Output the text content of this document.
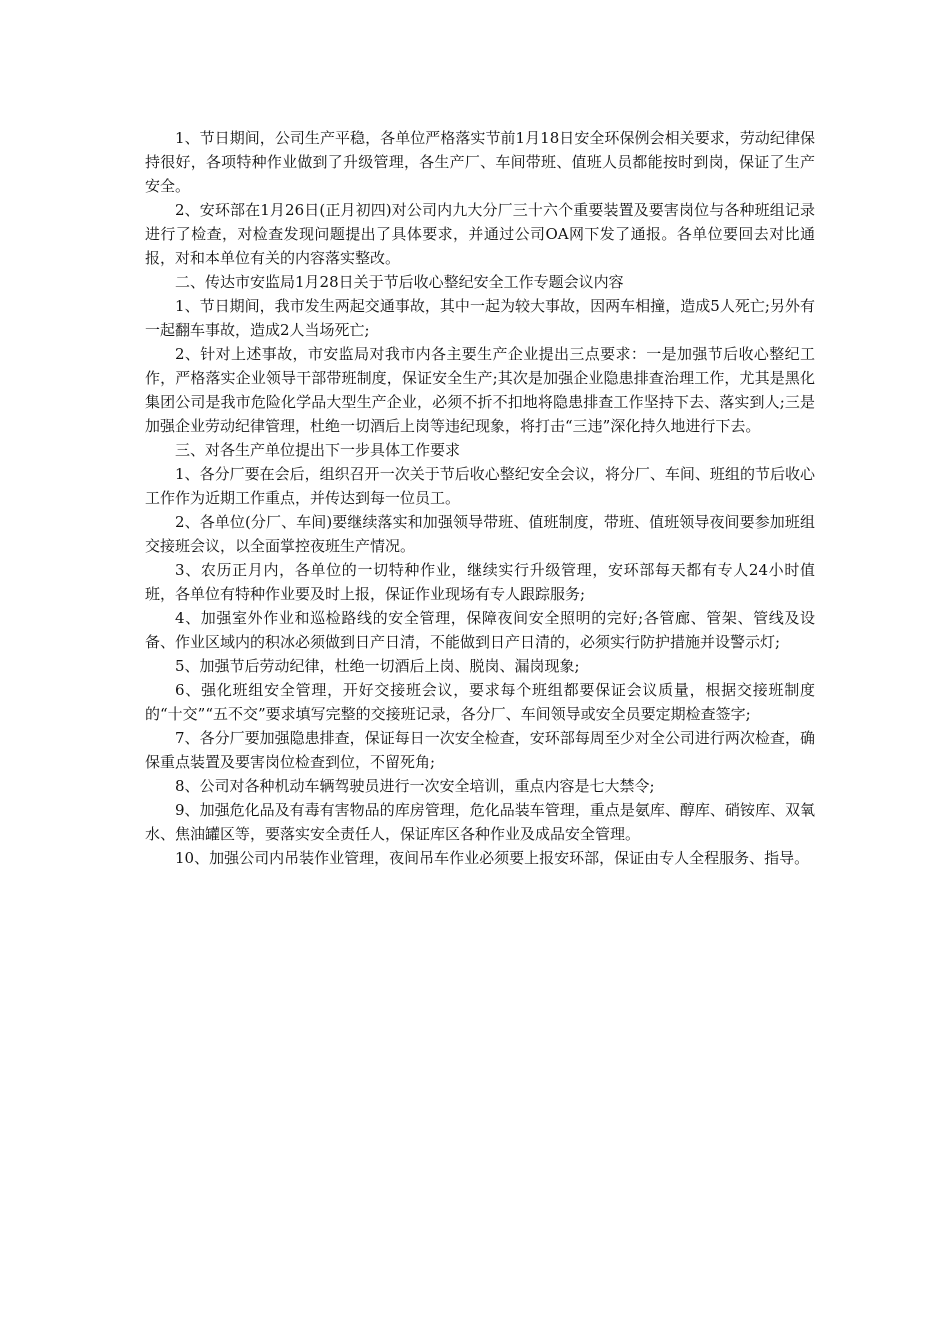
1、节日期间，公司生产平稳，各单位严格落实节前1月18日安全环保例会相关要求，劳动纪律保持很好，各项特种作业做到了升级管理，各生产厂、车间带班、值班人员都能按时到岗，保证了生产安全。

2、安环部在1月26日(正月初四)对公司内九大分厂三十六个重要装置及要害岗位与各种班组记录进行了检查，对检查发现问题提出了具体要求，并通过公司OA网下发了通报。各单位要回去对比通报，对和本单位有关的内容落实整改。

二、传达市安监局1月28日关于节后收心整纪安全工作专题会议内容

1、节日期间，我市发生两起交通事故，其中一起为较大事故，因两车相撞，造成5人死亡;另外有一起翻车事故，造成2人当场死亡;

2、针对上述事故，市安监局对我市内各主要生产企业提出三点要求：一是加强节后收心整纪工作，严格落实企业领导干部带班制度，保证安全生产;其次是加强企业隐患排查治理工作，尤其是黑化集团公司是我市危险化学品大型生产企业，必须不折不扣地将隐患排查工作坚持下去、落实到人;三是加强企业劳动纪律管理，杜绝一切酒后上岗等违纪现象，将打击“三违”深化持久地进行下去。

三、对各生产单位提出下一步具体工作要求

1、各分厂要在会后，组织召开一次关于节后收心整纪安全会议，将分厂、车间、班组的节后收心工作作为近期工作重点，并传达到每一位员工。

2、各单位(分厂、车间)要继续落实和加强领导带班、值班制度，带班、值班领导夜间要参加班组交接班会议，以全面掌控夜班生产情况。

3、农历正月内，各单位的一切特种作业，继续实行升级管理，安环部每天都有专人24小时值班，各单位有特种作业要及时上报，保证作业现场有专人跟踪服务;

4、加强室外作业和巡检路线的安全管理，保障夜间安全照明的完好;各管廊、管架、管线及设备、作业区域内的积冰必须做到日产日清，不能做到日产日清的，必须实行防护措施并设警示灯;

5、加强节后劳动纪律，杜绝一切酒后上岗、脱岗、漏岗现象;

6、强化班组安全管理，开好交接班会议，要求每个班组都要保证会议质量，根据交接班制度的“十交”“五不交”要求填写完整的交接班记录，各分厂、车间领导或安全员要定期检查签字;

7、各分厂要加强隐患排查，保证每日一次安全检查，安环部每周至少对全公司进行两次检查，确保重点装置及要害岗位检查到位，不留死角;

8、公司对各种机动车辆驾驶员进行一次安全培训，重点内容是七大禁令;

9、加强危化品及有毒有害物品的库房管理，危化品装车管理，重点是氨库、醇库、硝铵库、双氧水、焦油罐区等，要落实安全责任人，保证库区各种作业及成品安全管理。

10、加强公司内吊装作业管理，夜间吊车作业必须要上报安环部，保证由专人全程服务、指导。
